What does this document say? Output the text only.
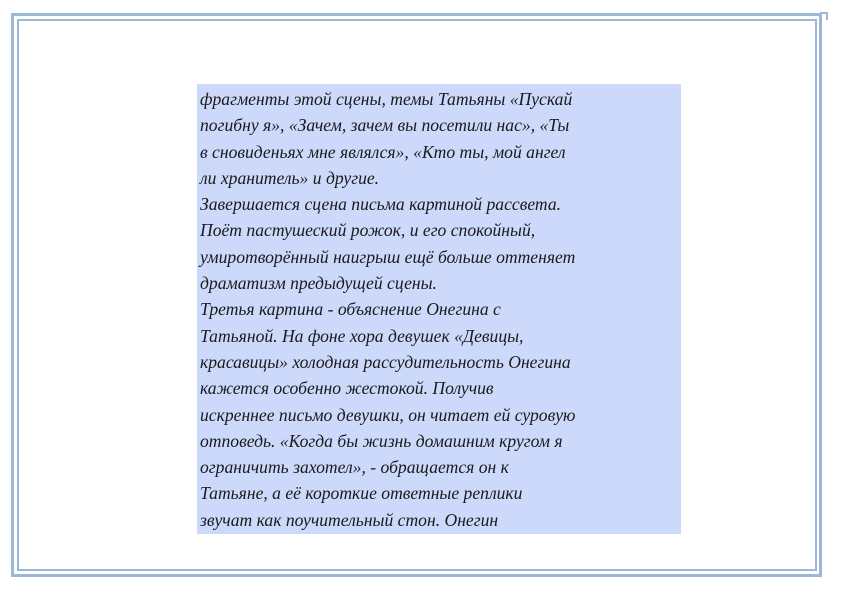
фрагменты этой сцены, темы Татьяны «Пускай
погибну я», «Зачем, зачем вы посетили нас», «Ты
в сновиденьях мне являлся», «Кто ты, мой ангел
ли хранитель» и другие.

Завершается сцена письма картиной рассвета.
Поёт пастушеский рожок, и его спокойный,
умиротворённый наигрыш ещё больше оттеняет
драматизм предыдущей сцены.

Третья картина - объяснение Онегина с
Татьяной. На фоне хора девушек «Девицы,
красавицы» холодная рассудительность Онегина
кажется особенно жестокой. Получив
искреннее письмо девушки, он читает ей суровую
отповедь. «Когда бы жизнь домашним кругом я
ограничить захотел», - обращается он к
Татьяне, а её короткие ответные реплики
звучат как поучительный стон. Онегин
